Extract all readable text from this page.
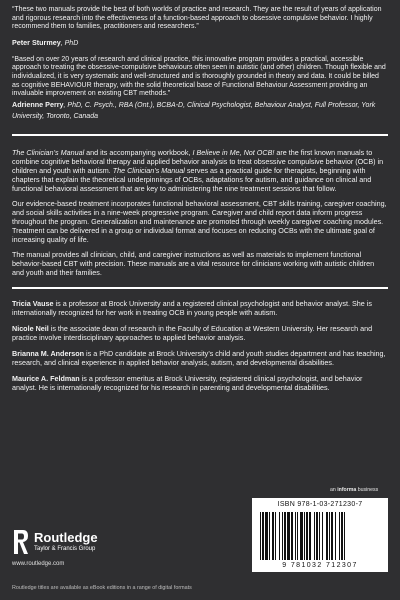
“These two manuals provide the best of both worlds of practice and research. They are the result of years of application and rigorous research into the effectiveness of a function-based approach to obsessive compulsive behavior. I highly recommend them to families, practitioners and researchers.”

Peter Sturmey, PhD

“Based on over 20 years of research and clinical practice, this innovative program provides a practical, accessible approach to treating the obsessive-compulsive behaviours often seen in autistic (and other) children. Though flexible and individualized, it is very systematic and well-structured and is thoroughly grounded in theory and data. It could be billed as cognitive BEHAVIOUR therapy, with the solid theoretical base of Functional Behaviour Assessment providing an invaluable improvement on existing CBT methods.”

Adrienne Perry, PhD, C. Psych., RBA (Ont.), BCBA-D, Clinical Psychologist, Behaviour Analyst, Full Professor, York University, Toronto, Canada

The Clinician’s Manual and its accompanying workbook, I Believe in Me, Not OCB! are the first known manuals to combine cognitive behavioral therapy and applied behavior analysis to treat obsessive compulsive behavior (OCB) in children and youth with autism. The Clinician’s Manual serves as a practical guide for therapists, beginning with chapters that explain the theoretical underpinnings of OCBs, adaptations for autism, and guidance on clinical and functional behavioral assessment that are key to administering the nine treatment sessions that follow.

Our evidence-based treatment incorporates functional behavioral assessment, CBT skills training, caregiver coaching, and social skills activities in a nine-week progressive program. Caregiver and child report data inform progress throughout the program. Generalization and maintenance are promoted through weekly caregiver coaching modules. Treatment can be delivered in a group or individual format and focuses on reducing OCBs with the ultimate goal of increasing quality of life.

The manual provides all clinician, child, and caregiver instructions as well as materials to implement functional behavior-based CBT with precision. These manuals are a vital resource for clinicians working with autistic children and youth and their families.

Tricia Vause is a professor at Brock University and a registered clinical psychologist and behavior analyst. She is internationally recognized for her work in treating OCB in young people with autism.

Nicole Neil is the associate dean of research in the Faculty of Education at Western University. Her research and practice involve interdisciplinary approaches to applied behavior analysis.

Brianna M. Anderson is a PhD candidate at Brock University’s child and youth studies department and has teaching, research, and clinical experience in applied behavior analysis, autism, and developmental disabilities.

Maurice A. Feldman is a professor emeritus at Brock University, registered clinical psychologist, and behavior analyst. He is internationally recognized for his research in parenting and developmental disabilities.

an informa business
ISBN 978-1-03-271230-7
9 781032 712307
Routledge
Taylor & Francis Group
www.routledge.com
Routledge titles are available as eBook editions in a range of digital formats
